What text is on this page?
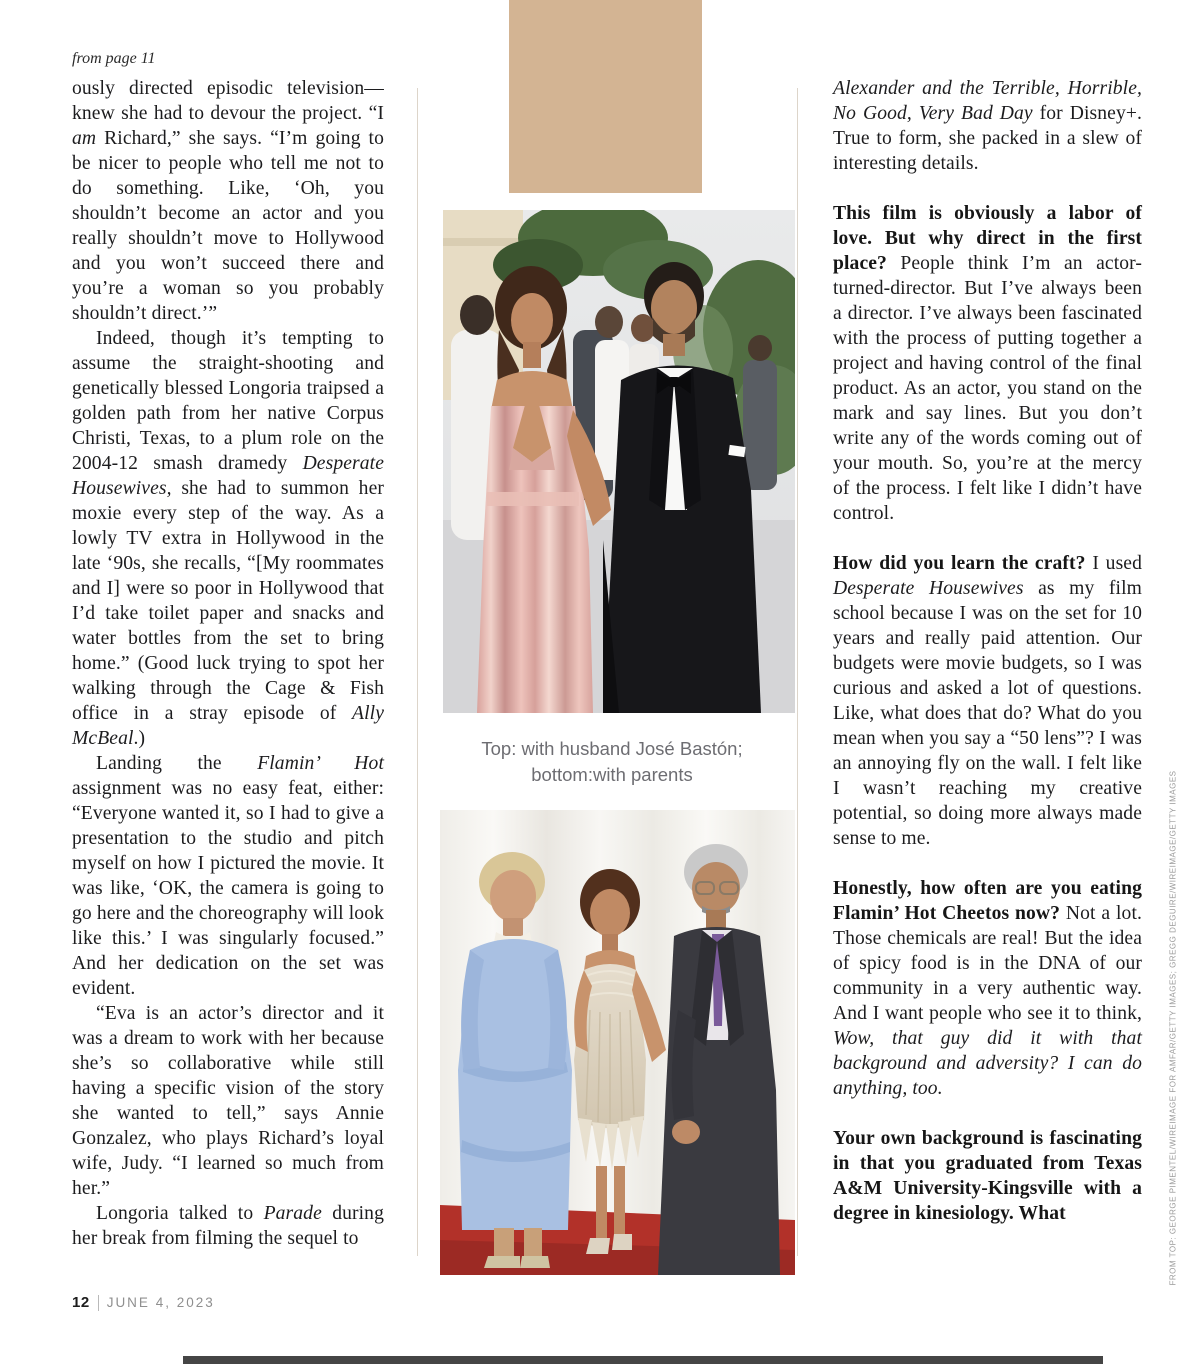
from page 11

ously directed episodic television—knew she had to devour the project. “I am Richard,” she says. “I’m going to be nicer to people who tell me not to do something. Like, ‘Oh, you shouldn’t become an actor and you really shouldn’t move to Hollywood and you won’t succeed there and you’re a woman so you probably shouldn’t direct.’”

Indeed, though it’s tempting to assume the straight-shooting and genetically blessed Longoria traipsed a golden path from her native Corpus Christi, Texas, to a plum role on the 2004-12 smash dramedy Desperate Housewives, she had to summon her moxie every step of the way. As a lowly TV extra in Hollywood in the late ‘90s, she recalls, “[My roommates and I] were so poor in Hollywood that I’d take toilet paper and snacks and water bottles from the set to bring home.” (Good luck trying to spot her walking through the Cage & Fish office in a stray episode of Ally McBeal.)

Landing the Flamin’ Hot assignment was no easy feat, either: “Everyone wanted it, so I had to give a presentation to the studio and pitch myself on how I pictured the movie. It was like, ‘OK, the camera is going to go here and the choreography will look like this.’ I was singularly focused.” And her dedication on the set was evident.

“Eva is an actor’s director and it was a dream to work with her because she’s so collaborative while still having a specific vision of the story she wanted to tell,” says Annie Gonzalez, who plays Richard’s loyal wife, Judy. “I learned so much from her.”

Longoria talked to Parade during her break from filming the sequel to

Alexander and the Terrible, Horrible, No Good, Very Bad Day for Disney+. True to form, she packed in a slew of interesting details.

This film is obviously a labor of love. But why direct in the first place? People think I’m an actor-turned-director. But I’ve always been a director. I’ve always been fascinated with the process of putting together a project and having control of the final product. As an actor, you stand on the mark and say lines. But you don’t write any of the words coming out of your mouth. So, you’re at the mercy of the process. I felt like I didn’t have control.

How did you learn the craft? I used Desperate Housewives as my film school because I was on the set for 10 years and really paid attention. Our budgets were movie budgets, so I was curious and asked a lot of questions. Like, what does that do? What do you mean when you say a “50 lens”? I was an annoying fly on the wall. I felt like I wasn’t reaching my creative potential, so doing more always made sense to me.

Honestly, how often are you eating Flamin’ Hot Cheetos now? Not a lot. Those chemicals are real! But the idea of spicy food is in the DNA of our community in a very authentic way. And I want people who see it to think, Wow, that guy did it with that background and adversity? I can do anything, too.

Your own background is fascinating in that you graduated from Texas A&M University-Kingsville with a degree in kinesiology. What

Top: with husband José Bastón;
bottom:with parents
12 JUNE 4, 2023
FROM TOP: GEORGE PIMENTEL/WIREIMAGE FOR AMFAR/GETTY IMAGES; GREGG DEGUIRE/WIREIMAGE/GETTY IMAGES
